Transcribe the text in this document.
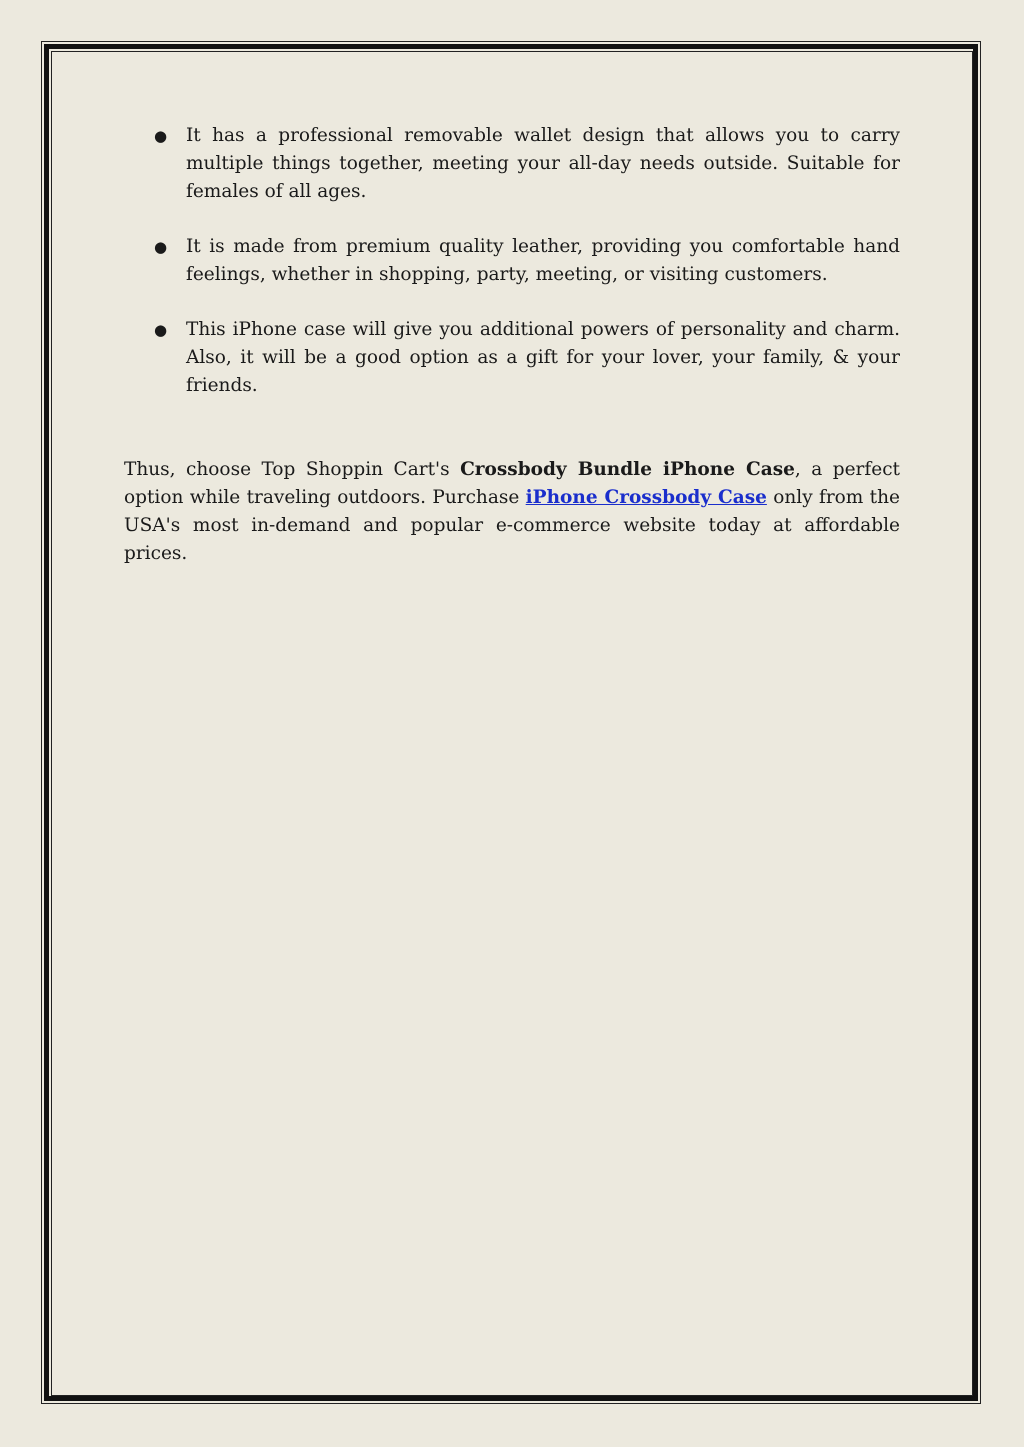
● It has a professional removable wallet design that allows you to carry multiple things together, meeting your all-day needs outside. Suitable for females of all ages.
● It is made from premium quality leather, providing you comfortable hand feelings, whether in shopping, party, meeting, or visiting customers.
● This iPhone case will give you additional powers of personality and charm. Also, it will be a good option as a gift for your lover, your family, & your friends.

Thus, choose Top Shoppin Cart's Crossbody Bundle iPhone Case, a perfect option while traveling outdoors. Purchase iPhone Crossbody Case only from the USA's most in-demand and popular e-commerce website today at affordable prices.
